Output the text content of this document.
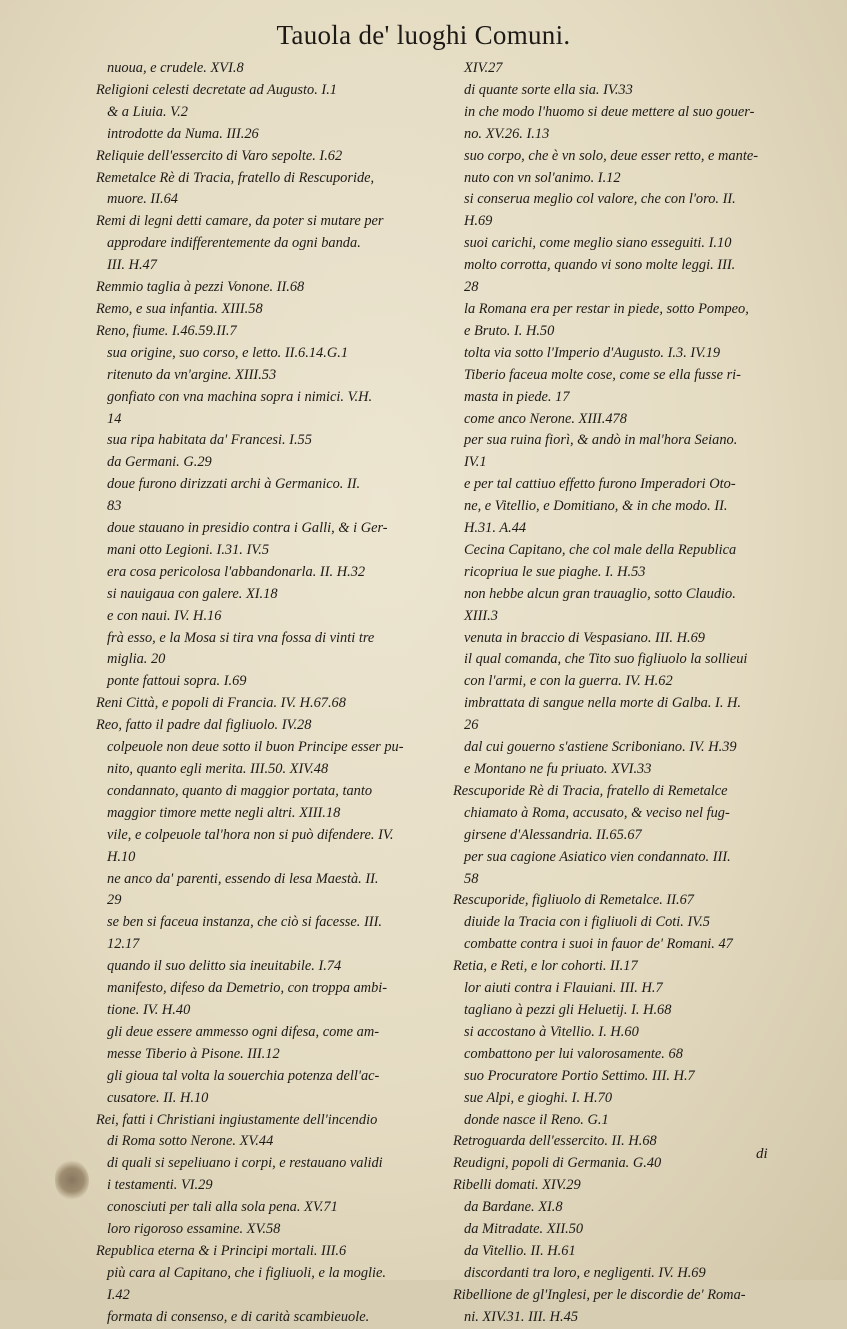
Tauola de' luoghi Comuni.
nuoua, e crudele. XVI.8
Religioni celesti decretate ad Augusto. I.1
& a Liuia. V.2
introdotte da Numa. III.26
Reliquie dell'essercito di Varo sepolte. I.62
Remetalce Rè di Tracia, fratello di Rescuporide,
muore. II.64
Remi di legni detti camare, da poter si mutare per
approdare indifferentemente da ogni banda.
III. H.47
Remmio taglia à pezzi Vonone. II.68
Remo, e sua infantia. XIII.58
Reno, fiume. I.46.59.II.7
sua origine, suo corso, e letto. II.6.14.G.1
ritenuto da vn'argine. XIII.53
gonfiato con vna machina sopra i nimici. V.H.
14
sua ripa habitata da' Francesi. I.55
da Germani. G.29
doue furono dirizzati archi à Germanico. II.
83
doue stauano in presidio contra i Galli, & i Ger-
mani otto Legioni. I.31. IV.5
era cosa pericolosa l'abbandonarla. II. H.32
si nauigaua con galere. XI.18
e con naui. IV. H.16
frà esso, e la Mosa si tira vna fossa di vinti tre
miglia. 20
ponte fattoui sopra. I.69
Reni Città, e popoli di Francia. IV. H.67.68
Reo, fatto il padre dal figliuolo. IV.28
colpeuole non deue sotto il buon Principe esser pu-
nito, quanto egli merita. III.50. XIV.48
condannato, quanto di maggior portata, tanto
maggior timore mette negli altri. XIII.18
vile, e colpeuole tal'hora non si può difendere. IV.
H.10
ne anco da' parenti, essendo di lesa Maestà. II.
29
se ben si faceua instanza, che ciò si facesse. III.
12.17
quando il suo delitto sia ineuitabile. I.74
manifesto, difeso da Demetrio, con troppa ambi-
tione. IV. H.40
gli deue essere ammesso ogni difesa, come am-
messe Tiberio à Pisone. III.12
gli gioua tal volta la souerchia potenza dell'ac-
cusatore. II. H.10
Rei, fatti i Christiani ingiustamente dell'incendio
di Roma sotto Nerone. XV.44
di quali si sepeliuano i corpi, e restauano validi
i testamenti. VI.29
conosciuti per tali alla sola pena. XV.71
loro rigoroso essamine. XV.58
Republica eterna & i Principi mortali. III.6
più cara al Capitano, che i figliuoli, e la moglie.
I.42
formata di consenso, e di carità scambieuole.
XIV.27
di quante sorte ella sia. IV.33
in che modo l'huomo si deue mettere al suo gouer-
no. XV.26. I.13
suo corpo, che è vn solo, deue esser retto, e mante-
nuto con vn sol'animo. I.12
si conserua meglio col valore, che con l'oro. II.
H.69
suoi carichi, come meglio siano esseguiti. I.10
molto corrotta, quando vi sono molte leggi. III.
28
la Romana era per restar in piede, sotto Pompeo,
e Bruto. I. H.50
tolta via sotto l'Imperio d'Augusto. I.3. IV.19
Tiberio faceua molte cose, come se ella fusse ri-
masta in piede. 17
come anco Nerone. XIII.478
per sua ruina fiorì, & andò in mal'hora Seiano.
IV.1
e per tal cattiuo effetto furono Imperadori Oto-
ne, e Vitellio, e Domitiano, & in che modo. II.
H.31. A.44
Cecina Capitano, che col male della Republica
ricopriua le sue piaghe. I. H.53
non hebbe alcun gran trauaglio, sotto Claudio.
XIII.3
venuta in braccio di Vespasiano. III. H.69
il qual comanda, che Tito suo figliuolo la sollieui
con l'armi, e con la guerra. IV. H.62
imbrattata di sangue nella morte di Galba. I. H.
26
dal cui gouerno s'astiene Scriboniano. IV. H.39
e Montano ne fu priuato. XVI.33
Rescuporide Rè di Tracia, fratello di Remetalce
chiamato à Roma, accusato, & veciso nel fug-
girsene d'Alessandria. II.65.67
per sua cagione Asiatico vien condannato. III.
58
Rescuporide, figliuolo di Remetalce. II.67
diuide la Tracia con i figliuoli di Coti. IV.5
combatte contra i suoi in fauor de' Romani. 47
Retia, e Reti, e lor cohorti. II.17
lor aiuti contra i Flauiani. III. H.7
tagliano à pezzi gli Heluetij. I. H.68
si accostano à Vitellio. I. H.60
combattono per lui valorosamente. 68
suo Procuratore Portio Settimo. III. H.7
sue Alpi, e gioghi. I. H.70
donde nasce il Reno. G.1
Retroguarda dell'essercito. II. H.68
Reudigni, popoli di Germania. G.40
Ribelli domati. XIV.29
da Bardane. XI.8
da Mitradate. XII.50
da Vitellio. II. H.61
discordanti tra loro, e negligenti. IV. H.69
Ribellione de gl'Inglesi, per le discordie de' Roma-
ni. XIV.31. III. H.45
di
